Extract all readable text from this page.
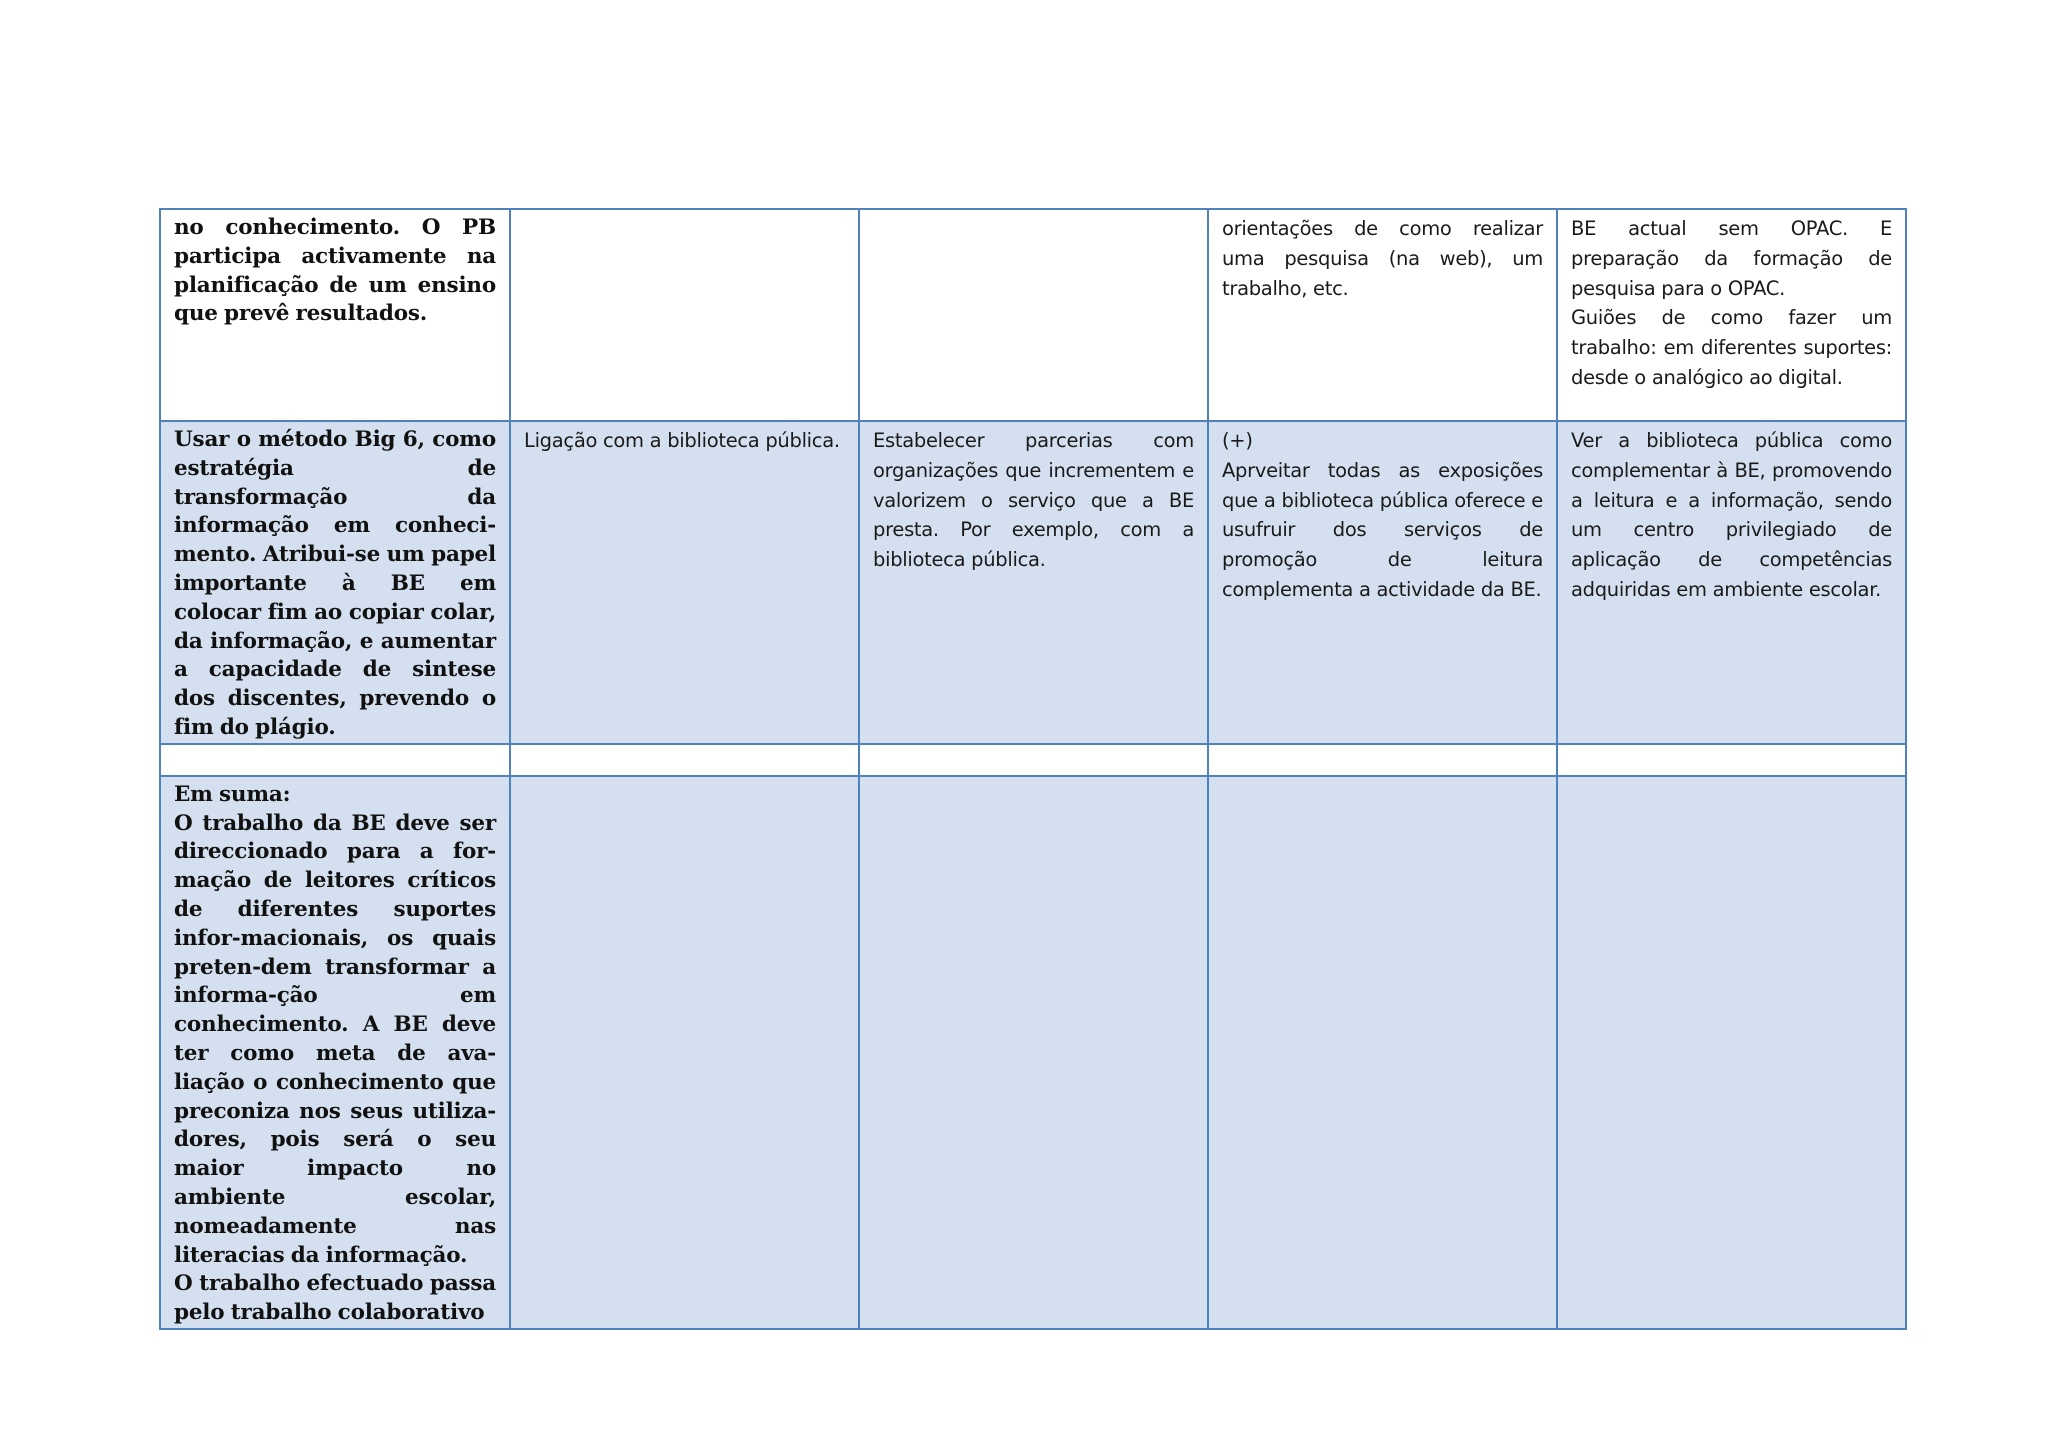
no conhecimento. O PB participa activamente na planificação de um ensino que prevê resultados.			orientações de como realizar uma pesquisa (na web), um trabalho, etc.	BE actual sem OPAC. E preparação da formação de pesquisa para o OPAC.
Guiões de como fazer um trabalho: em diferentes suportes: desde o analógico ao digital.

Usar o método Big 6, como estratégia de transformação da informação em conheci-mento. Atribui-se um papel importante à BE em colocar fim ao copiar colar, da informação, e aumentar a capacidade de sintese dos discentes, prevendo o fim do plágio.	Ligação com a biblioteca pública.	Estabelecer parcerias com organizações que incrementem e valorizem o serviço que a BE presta. Por exemplo, com a biblioteca pública.	(+)
Aprveitar todas as exposições que a biblioteca pública oferece e usufruir dos serviços de promoção de leitura complementa a actividade da BE.	Ver a biblioteca pública como complementar à BE, promovendo a leitura e a informação, sendo um centro privilegiado de aplicação de competências adquiridas em ambiente escolar.

Em suma:
O trabalho da BE deve ser direccionado para a for-mação de leitores críticos de diferentes suportes infor-macionais, os quais preten-dem transformar a informa-ção em conhecimento. A BE deve ter como meta de ava-liação o conhecimento que preconiza nos seus utiliza-dores, pois será o seu maior impacto no ambiente escolar, nomeadamente nas literacias da informação.
O trabalho efectuado passa pelo trabalho colaborativo				
